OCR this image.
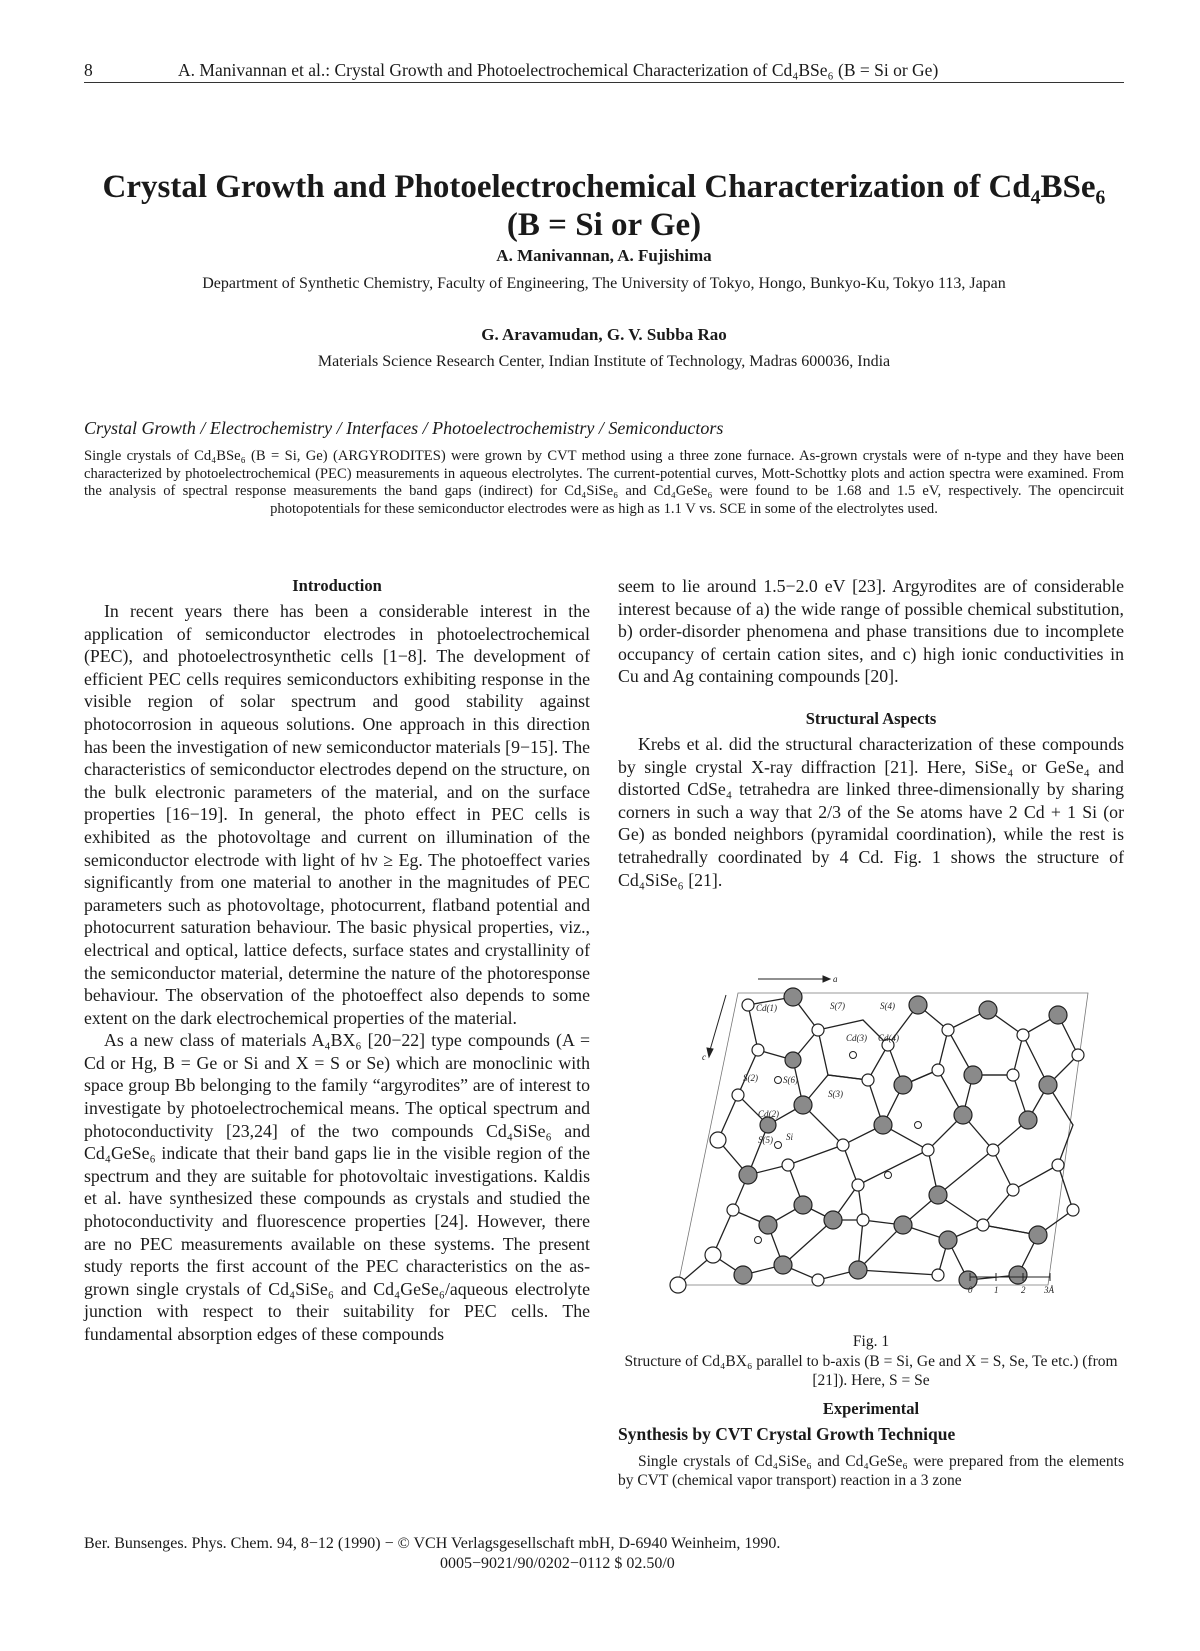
8	A. Manivannan et al.: Crystal Growth and Photoelectrochemical Characterization of Cd₄BSe₆ (B = Si or Ge)
Crystal Growth and Photoelectrochemical Characterization of Cd₄BSe₆
(B = Si or Ge)
A. Manivannan, A. Fujishima
Department of Synthetic Chemistry, Faculty of Engineering, The University of Tokyo, Hongo, Bunkyo-Ku, Tokyo 113, Japan
G. Aravamudan, G. V. Subba Rao
Materials Science Research Center, Indian Institute of Technology, Madras 600036, India
Crystal Growth / Electrochemistry / Interfaces / Photoelectrochemistry / Semiconductors
Single crystals of Cd₄BSe₆ (B = Si, Ge) (ARGYRODITES) were grown by CVT method using a three zone furnace. As-grown crystals were of n-type and they have been characterized by photoelectrochemical (PEC) measurements in aqueous electrolytes. The current-potential curves, Mott-Schottky plots and action spectra were examined. From the analysis of spectral response measurements the band gaps (indirect) for Cd₄SiSe₆ and Cd₄GeSe₆ were found to be 1.68 and 1.5 eV, respectively. The opencircuit photopotentials for these semiconductor electrodes were as high as 1.1 V vs. SCE in some of the electrolytes used.
Introduction

In recent years there has been a considerable interest in the application of semiconductor electrodes in photoelectrochemical (PEC), and photoelectrosynthetic cells [1−8]. The development of efficient PEC cells requires semiconductors exhibiting response in the visible region of solar spectrum and good stability against photocorrosion in aqueous solutions. One approach in this direction has been the investigation of new semiconductor materials [9−15]. The characteristics of semiconductor electrodes depend on the structure, on the bulk electronic parameters of the material, and on the surface properties [16−19]. In general, the photo effect in PEC cells is exhibited as the photovoltage and current on illumination of the semiconductor electrode with light of hν ≥ Eg. The photoeffect varies significantly from one material to another in the magnitudes of PEC parameters such as photovoltage, photocurrent, flatband potential and photocurrent saturation behaviour. The basic physical properties, viz., electrical and optical, lattice defects, surface states and crystallinity of the semiconductor material, determine the nature of the photoresponse behaviour. The observation of the photoeffect also depends to some extent on the dark electrochemical properties of the material.

As a new class of materials A₄BX₆ [20−22] type compounds (A = Cd or Hg, B = Ge or Si and X = S or Se) which are monoclinic with space group Bb belonging to the family “argyrodites” are of interest to investigate by photoelectrochemical means. The optical spectrum and photoconductivity [23,24] of the two compounds Cd₄SiSe₆ and Cd₄GeSe₆ indicate that their band gaps lie in the visible region of the spectrum and they are suitable for photovoltaic investigations. Kaldis et al. have synthesized these compounds as crystals and studied the photoconductivity and fluorescence properties [24]. However, there are no PEC measurements available on these systems. The present study reports the first account of the PEC characteristics on the as-grown single crystals of Cd₄SiSe₆ and Cd₄GeSe₆/aqueous electrolyte junction with respect to their suitability for PEC cells. The fundamental absorption edges of these compounds

seem to lie around 1.5−2.0 eV [23]. Argyrodites are of considerable interest because of a) the wide range of possible chemical substitution, b) order-disorder phenomena and phase transitions due to incomplete occupancy of certain cation sites, and c) high ionic conductivities in Cu and Ag containing compounds [20].

Structural Aspects

Krebs et al. did the structural characterization of these compounds by single crystal X-ray diffraction [21]. Here, SiSe₄ or GeSe₄ and distorted CdSe₄ tetrahedra are linked three-dimensionally by sharing corners in such a way that 2/3 of the Se atoms have 2 Cd + 1 Si (or Ge) as bonded neighbors (pyramidal coordination), while the rest is tetrahedrally coordinated by 4 Cd. Fig. 1 shows the structure of Cd₄SiSe₆ [21].

a
c
Cd(1)	S(7)	S(4)
Cd(3) Cd(4)
S(2)	S(6)
S(3)
Cd(2)
S(5) Si
0 1	2 3Å
Fig. 1
Structure of Cd₄BX₆ parallel to b-axis (B = Si, Ge and X = S, Se, Te etc.) (from [21]). Here, S = Se
Experimental
Synthesis by CVT Crystal Growth Technique

Single crystals of Cd₄SiSe₆ and Cd₄GeSe₆ were prepared from the elements by CVT (chemical vapor transport) reaction in a 3 zone

Ber. Bunsenges. Phys. Chem. 94, 8−12 (1990) − © VCH Verlagsgesellschaft mbH, D-6940 Weinheim, 1990.
0005−9021/90/0202−0112 $ 02.50/0
